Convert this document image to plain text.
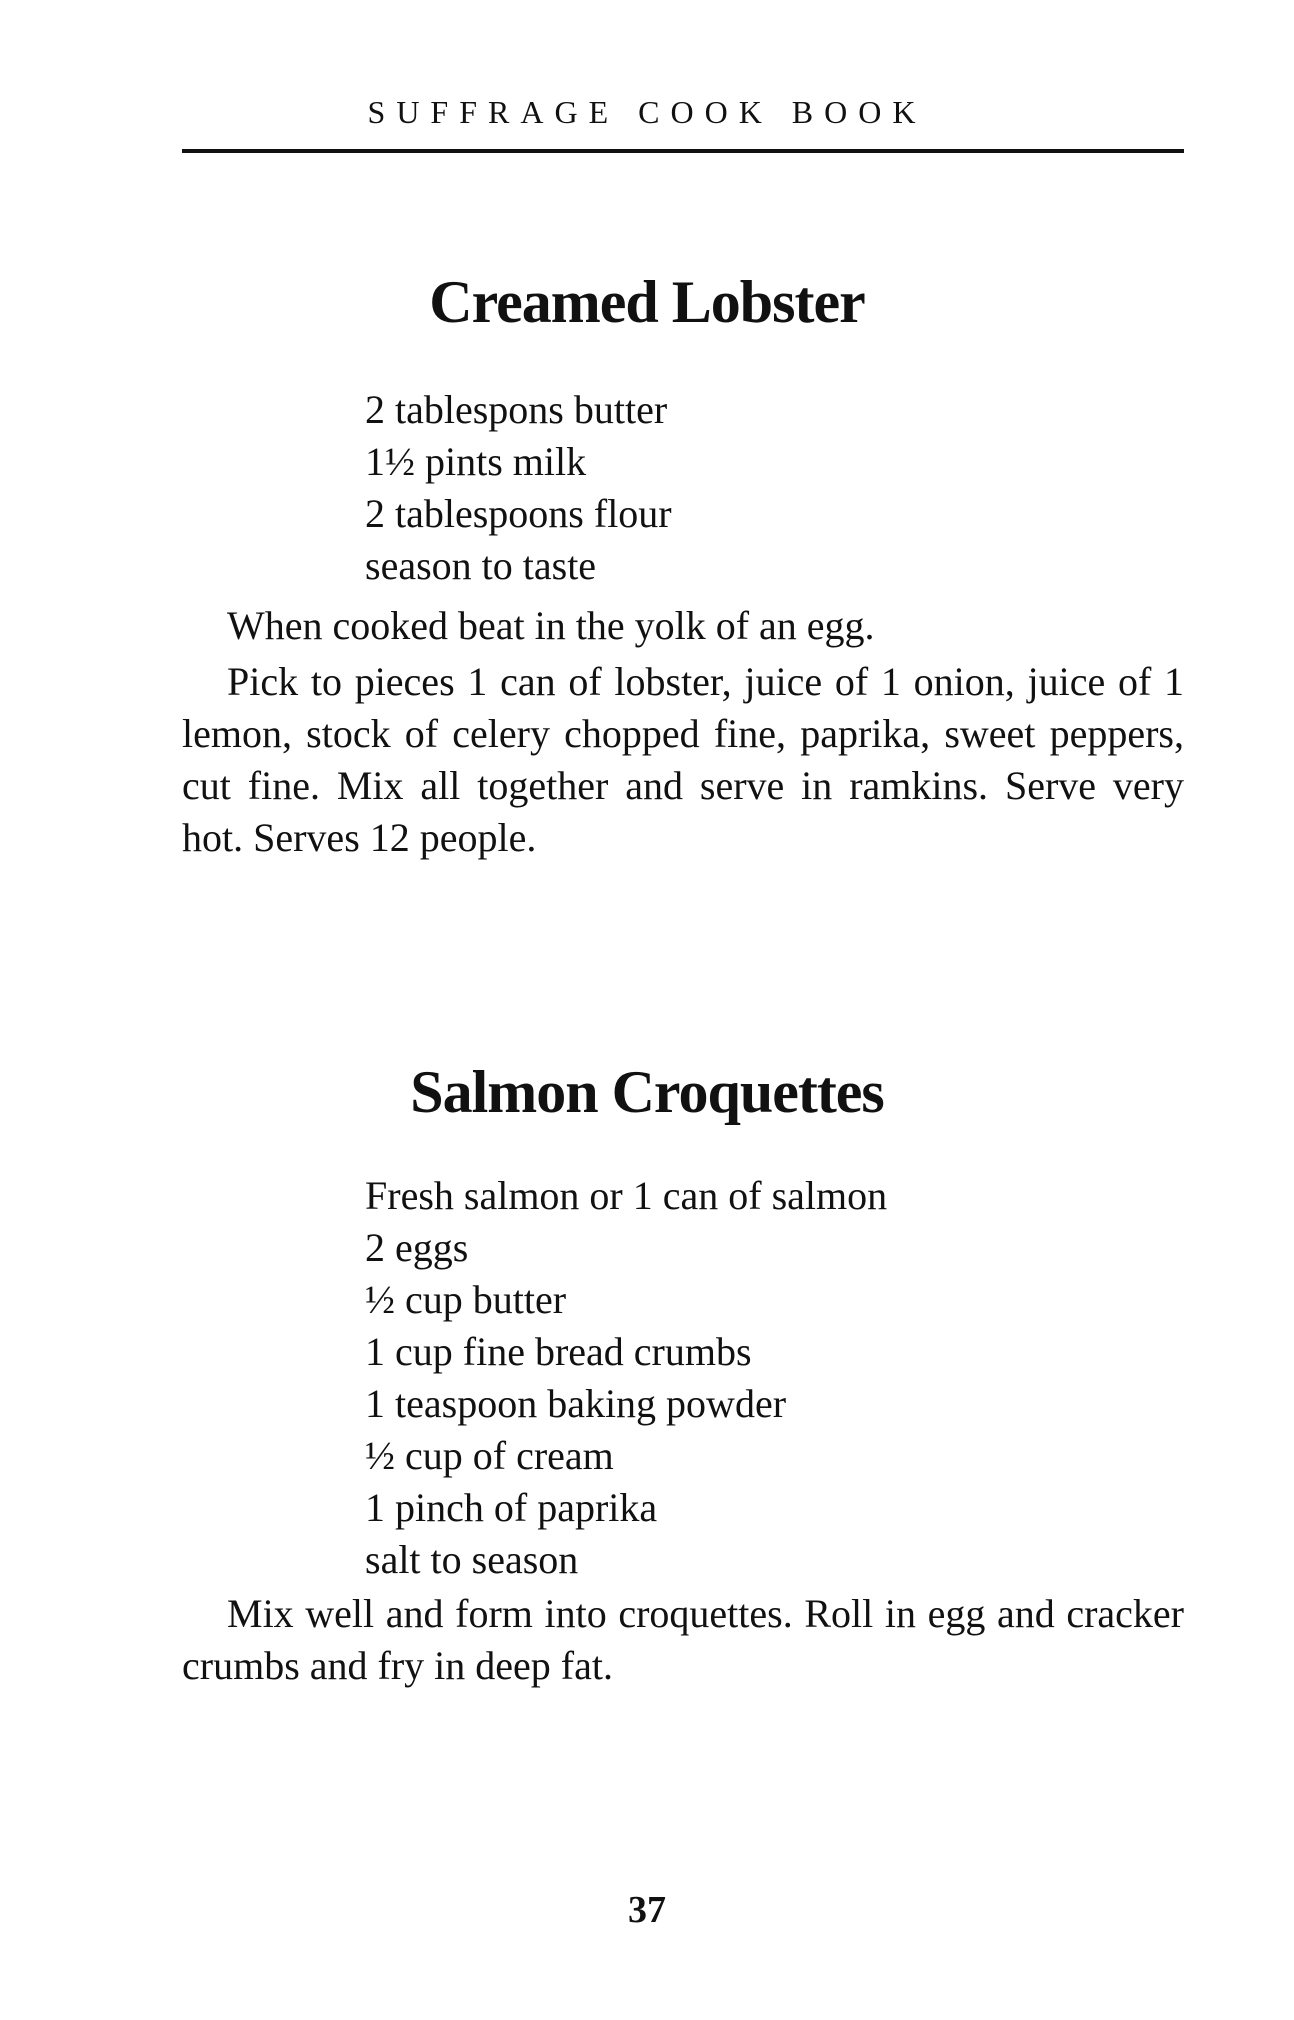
SUFFRAGE COOK BOOK
Creamed Lobster
2 tablespons butter
1½ pints milk
2 tablespoons flour
season to taste

When cooked beat in the yolk of an egg.

Pick to pieces 1 can of lobster, juice of 1 onion, juice of 1 lemon, stock of celery chopped fine, paprika, sweet peppers, cut fine. Mix all together and serve in ramkins. Serve very hot. Serves 12 people.

Salmon Croquettes
Fresh salmon or 1 can of salmon
2 eggs
½ cup butter
1 cup fine bread crumbs
1 teaspoon baking powder
½ cup of cream
1 pinch of paprika
salt to season

Mix well and form into croquettes. Roll in egg and cracker crumbs and fry in deep fat.

37
